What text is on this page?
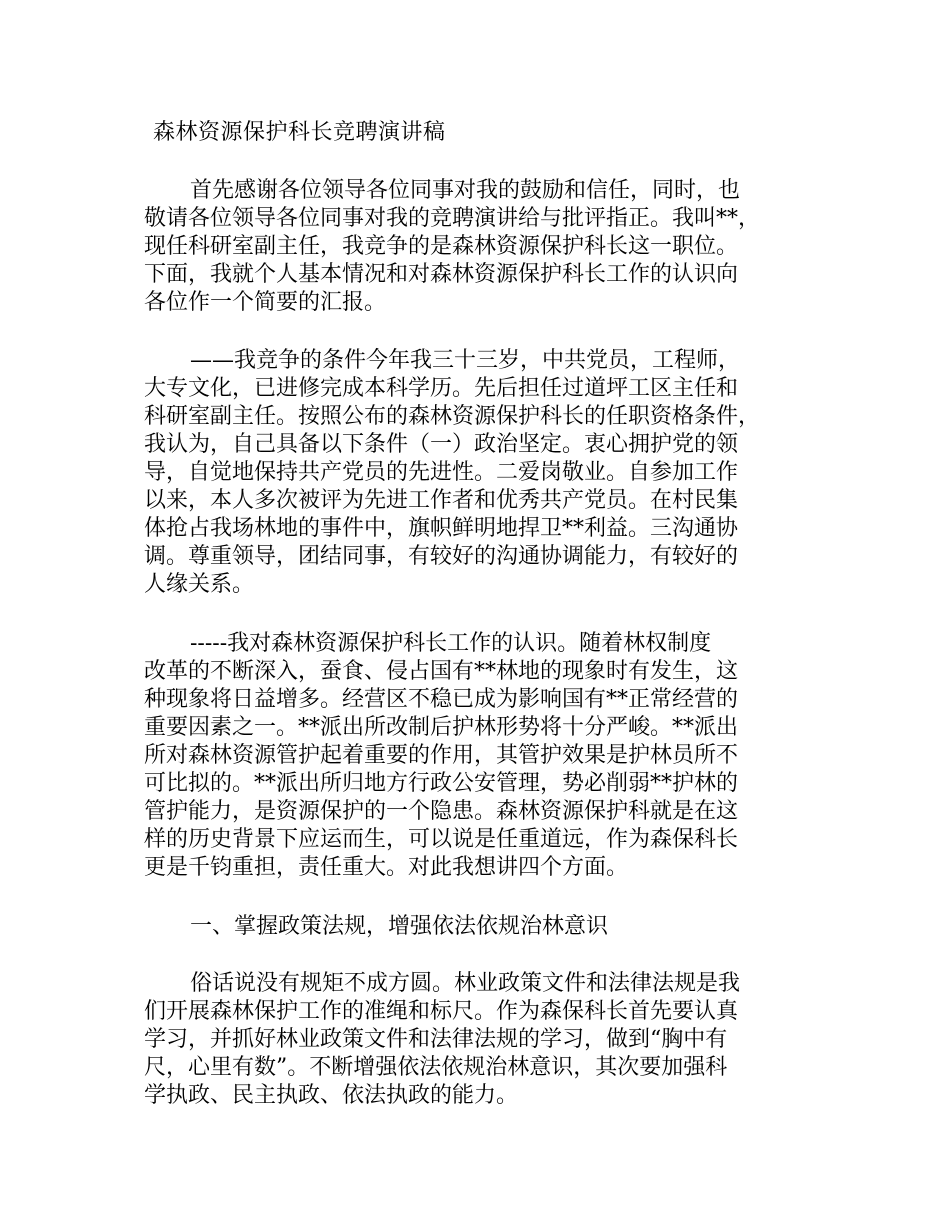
森林资源保护科长竞聘演讲稿
首先感谢各位领导各位同事对我的鼓励和信任，同时，也
敬请各位领导各位同事对我的竞聘演讲给与批评指正。我叫**，
现任科研室副主任，我竞争的是森林资源保护科长这一职位。
下面，我就个人基本情况和对森林资源保护科长工作的认识向
各位作一个简要的汇报。
——我竞争的条件今年我三十三岁，中共党员，工程师，
大专文化，已进修完成本科学历。先后担任过道坪工区主任和
科研室副主任。按照公布的森林资源保护科长的任职资格条件，
我认为，自己具备以下条件（一）政治坚定。衷心拥护党的领
导，自觉地保持共产党员的先进性。二爱岗敬业。自参加工作
以来，本人多次被评为先进工作者和优秀共产党员。在村民集
体抢占我场林地的事件中，旗帜鲜明地捍卫**利益。三沟通协
调。尊重领导，团结同事，有较好的沟通协调能力，有较好的
人缘关系。
-----我对森林资源保护科长工作的认识。随着林权制度
改革的不断深入，蚕食、侵占国有**林地的现象时有发生，这
种现象将日益增多。经营区不稳已成为影响国有**正常经营的
重要因素之一。**派出所改制后护林形势将十分严峻。**派出
所对森林资源管护起着重要的作用，其管护效果是护林员所不
可比拟的。**派出所归地方行政公安管理，势必削弱**护林的
管护能力，是资源保护的一个隐患。森林资源保护科就是在这
样的历史背景下应运而生，可以说是任重道远，作为森保科长
更是千钧重担，责任重大。对此我想讲四个方面。
一、掌握政策法规，增强依法依规治林意识
俗话说没有规矩不成方圆。林业政策文件和法律法规是我
们开展森林保护工作的准绳和标尺。作为森保科长首先要认真
学习，并抓好林业政策文件和法律法规的学习，做到“胸中有
尺，心里有数”。不断增强依法依规治林意识，其次要加强科
学执政、民主执政、依法执政的能力。
